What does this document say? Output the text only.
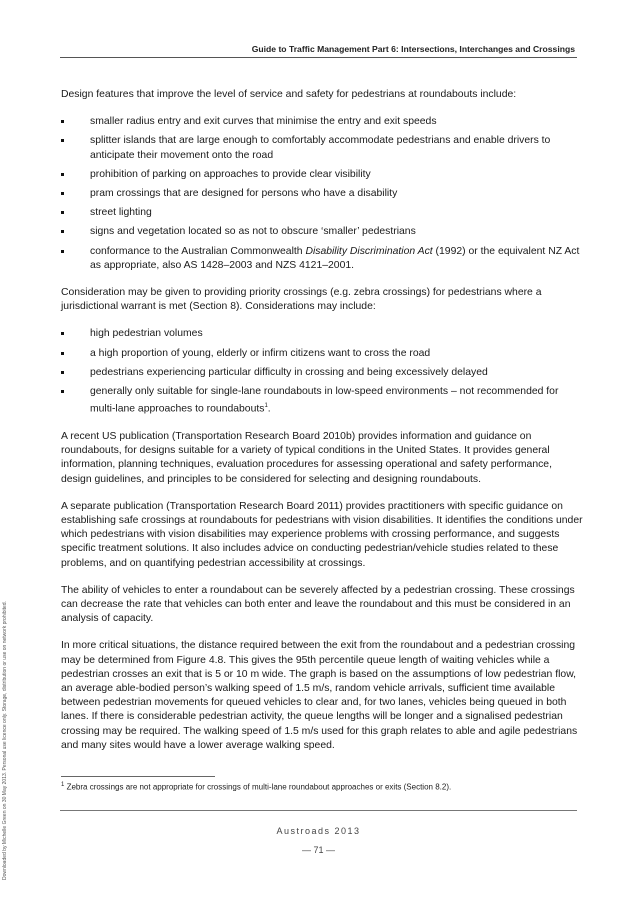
Guide to Traffic Management Part 6: Intersections, Interchanges and Crossings

Design features that improve the level of service and safety for pedestrians at roundabouts include:

smaller radius entry and exit curves that minimise the entry and exit speeds
splitter islands that are large enough to comfortably accommodate pedestrians and enable drivers to anticipate their movement onto the road
prohibition of parking on approaches to provide clear visibility
pram crossings that are designed for persons who have a disability
street lighting
signs and vegetation located so as not to obscure ‘smaller’ pedestrians
conformance to the Australian Commonwealth Disability Discrimination Act (1992) or the equivalent NZ Act as appropriate, also AS 1428–2003 and NZS 4121–2001.

Consideration may be given to providing priority crossings (e.g. zebra crossings) for pedestrians where a jurisdictional warrant is met (Section 8). Considerations may include:

high pedestrian volumes
a high proportion of young, elderly or infirm citizens want to cross the road
pedestrians experiencing particular difficulty in crossing and being excessively delayed
generally only suitable for single-lane roundabouts in low-speed environments – not recommended for multi-lane approaches to roundabouts$^1$.

A recent US publication (Transportation Research Board 2010b) provides information and guidance on roundabouts, for designs suitable for a variety of typical conditions in the United States. It provides general information, planning techniques, evaluation procedures for assessing operational and safety performance, design guidelines, and principles to be considered for selecting and designing roundabouts.

A separate publication (Transportation Research Board 2011) provides practitioners with specific guidance on establishing safe crossings at roundabouts for pedestrians with vision disabilities. It identifies the conditions under which pedestrians with vision disabilities may experience problems with crossing performance, and suggests specific treatment solutions. It also includes advice on conducting pedestrian/vehicle studies related to these problems, and on quantifying pedestrian accessibility at crossings.

The ability of vehicles to enter a roundabout can be severely affected by a pedestrian crossing. These crossings can decrease the rate that vehicles can both enter and leave the roundabout and this must be considered in an analysis of capacity.

In more critical situations, the distance required between the exit from the roundabout and a pedestrian crossing may be determined from Figure 4.8. This gives the 95th percentile queue length of waiting vehicles while a pedestrian crosses an exit that is 5 or 10 m wide. The graph is based on the assumptions of low pedestrian flow, an average able-bodied person’s walking speed of 1.5 m/s, random vehicle arrivals, sufficient time available between pedestrian movements for queued vehicles to clear and, for two lanes, vehicles being queued in both lanes. If there is considerable pedestrian activity, the queue lengths will be longer and a signalised pedestrian crossing may be required. The walking speed of 1.5 m/s used for this graph relates to able and agile pedestrians and many sites would have a lower average walking speed.

$^1$ Zebra crossings are not appropriate for crossings of multi-lane roundabout approaches or exits (Section 8.2).
Austroads 2013
— 71 —
Downloaded by Michelle Green on 30 May 2013. Personal use licence only. Storage, distribution or use on network prohibited.
